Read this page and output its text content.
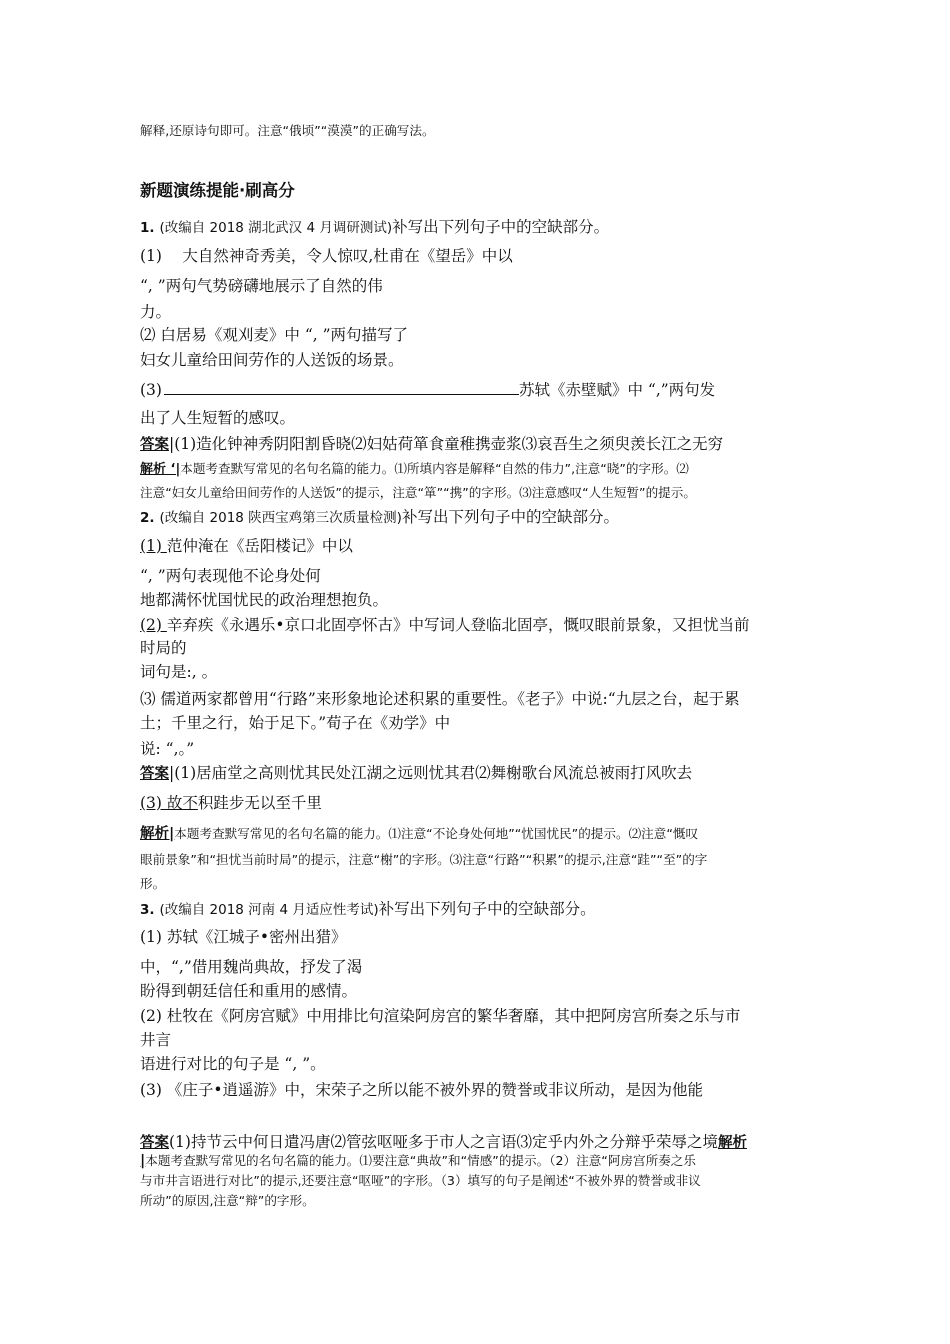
解释,还原诗句即可。注意“俄顷”“漠漠”的正确写法。
新题演练提能·刷高分
1. (改编自 2018 湖北武汉 4 月调研测试)补写出下列句子中的空缺部分。
(1)　 大自然神奇秀美，令人惊叹,杜甫在《望岳》中以
“, ”两句气势磅礴地展示了自然的伟
力。
⑵ 白居易《观刈麦》中 “, ”两句描写了
妇女儿童给田间劳作的人送饭的场景。
(3)	苏轼《赤壁赋》中 “,”两句发
出了人生短暂的感叹。
答案|(1)造化钟神秀阴阳割昏晓⑵妇姑荷箪食童稚携壶浆⑶哀吾生之须臾羡长江之无穷
解析 ‘|本题考查默写常见的名句名篇的能力。⑴所填内容是解释“自然的伟力”,注意“晓”的字形。⑵
注意“妇女儿童给田间劳作的人送饭”的提示，注意“箪”“携”的字形。⑶注意感叹“人生短暂”的提示。
2. (改编自 2018 陕西宝鸡第三次质量检测)补写出下列句子中的空缺部分。
(1) 范仲淹在《岳阳楼记》中以
“, ”两句表现他不论身处何
地都满怀忧国忧民的政治理想抱负。
(2) 辛弃疾《永遇乐•京口北固亭怀古》中写词人登临北固亭，慨叹眼前景象，又担忧当前
时局的
词句是:, 。
⑶ 儒道两家都曾用“行路”来形象地论述积累的重要性。《老子》中说:“九层之台，起于累
土；千里之行，始于足下。”荀子在《劝学》中
说: “,。”
答案|(1)居庙堂之高则忧其民处江湖之远则忧其君⑵舞榭歌台风流总被雨打风吹去
(3) 故不积跬步无以至千里
解析|本题考查默写常见的名句名篇的能力。⑴注意“不论身处何地”“忧国忧民”的提示。⑵注意“慨叹
眼前景象”和“担忧当前时局”的提示，注意“榭”的字形。⑶注意“行路”“积累”的提示,注意“跬”“至”的字
形。
3. (改编自 2018 河南 4 月适应性考试)补写出下列句子中的空缺部分。
(1) 苏轼《江城子•密州出猎》
中，“,”借用魏尚典故，抒发了渴
盼得到朝廷信任和重用的感情。
(2) 杜牧在《阿房宫赋》中用排比句渲染阿房宫的繁华奢靡，其中把阿房宫所奏之乐与市
井言
语进行对比的句子是 “, ”。
(3) 《庄子•逍遥游》中，宋荣子之所以能不被外界的赞誉或非议所动，是因为他能
答案(1)持节云中何日遣冯唐⑵管弦呕哑多于市人之言语⑶定乎内外之分辩乎荣辱之境解析
|本题考查默写常见的名句名篇的能力。⑴要注意“典故”和“情感”的提示。（2）注意“阿房宫所奏之乐
与市井言语进行对比”的提示,还要注意“呕哑”的字形。（3）填写的句子是阐述“不被外界的赞誉或非议
所动”的原因,注意“辩”的字形。
